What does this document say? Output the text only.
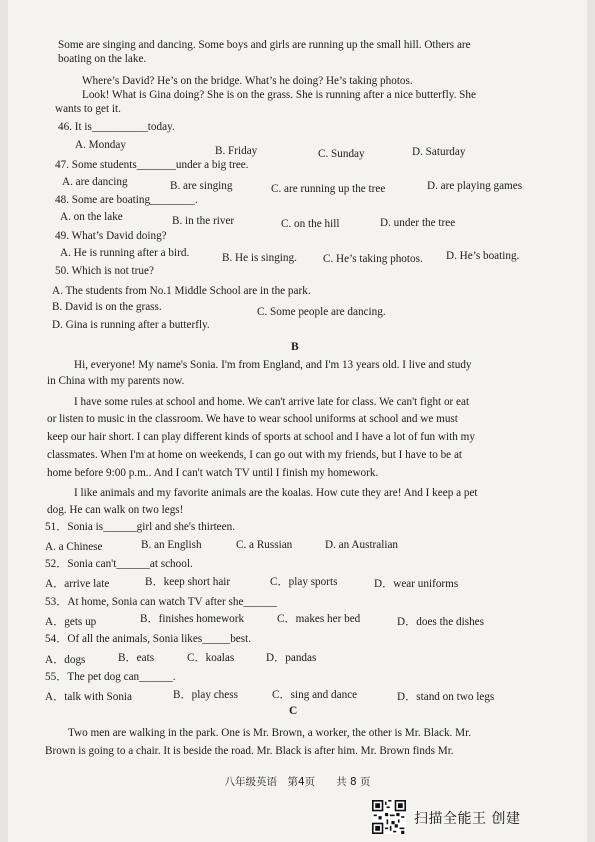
Some are singing and dancing. Some boys and girls are running up the small hill. Others are
boating on the lake.
Where’s David? He’s on the bridge. What’s he doing? He’s taking photos.
Look! What is Gina doing? She is on the grass. She is running after a nice butterfly. She
wants to get it.
46. It is__________today.
A. Monday	B. Friday	C. Sunday	D. Saturday
47. Some students_______under a big tree.
A. are dancing	B. are singing	C. are running up the tree	D. are playing games
48. Some are boating________.
A. on the lake	B. in the river	C. on the hill	D. under the tree
49. What’s David doing?
A. He is running after a bird.	B. He is singing. C. He’s taking photos. D. He’s boating.
50. Which is not true?
A. The students from No.1 Middle School are in the park.
B. David is on the grass.	C. Some people are dancing.
D. Gina is running after a butterfly.
B
Hi, everyone! My name's Sonia. I'm from England, and I'm 13 years old. I live and study
in China with my parents now.
I have some rules at school and home. We can't arrive late for class. We can't fight or eat
or listen to music in the classroom. We have to wear school uniforms at school and we must
keep our hair short. I can play different kinds of sports at school and I have a lot of fun with my
classmates. When I'm at home on weekends, I can go out with my friends, but I have to be at
home before 9:00 p.m.. And I can't watch TV until I finish my homework.
I like animals and my favorite animals are the koalas. How cute they are! And I keep a pet
dog. He can walk on two legs!
51．Sonia is______girl and she's thirteen.
A. a Chinese	B. an English	C. a Russian	D. an Australian
52．Sonia can't______at school.
A．arrive late	B．keep short hair	C．play sports	D．wear uniforms
53．At home, Sonia can watch TV after she______
A．gets up	B．finishes homework	C．makes her bed	D．does the dishes
54．Of all the animals, Sonia likes_____best.
A．dogs	B．eats	C．koalas	D．pandas
55．The pet dog can______.
A．talk with Sonia	B．play chess	C．sing and dance	D．stand on two legs
C
Two men are walking in the park. One is Mr. Brown, a worker, the other is Mr. Black. Mr.
Brown is going to a chair. It is beside the road. Mr. Black is after him. Mr. Brown finds Mr.
八年级英语　第4页　　共 8 页
扫描全能王 创建
